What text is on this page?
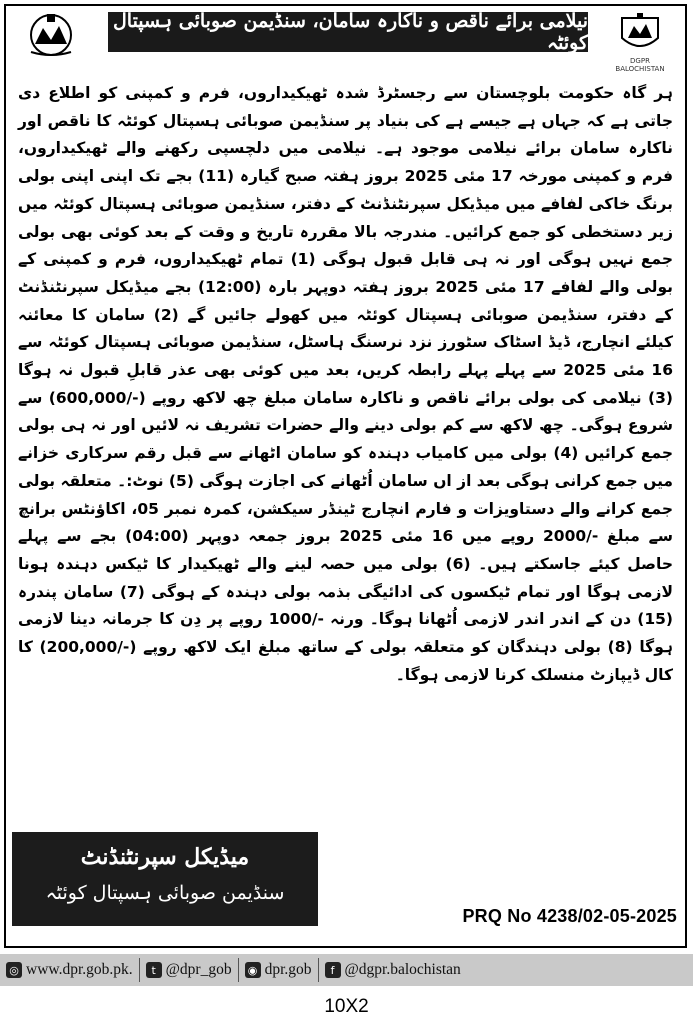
نیلامی برائے ناقص و ناکارہ سامان، سنڈیمن صوبائی ہسپتال کوئٹہ
DGPR BALOCHISTAN

ہر گاہ حکومت بلوچستان سے رجسٹرڈ شدہ ٹھیکیداروں، فرم و کمپنی کو اطلاع دی جاتی ہے کہ جہاں ہے جیسے ہے کی بنیاد پر سنڈیمن صوبائی ہسپتال کوئٹہ کا ناقص اور ناکارہ سامان برائے نیلامی موجود ہے۔ نیلامی میں دلچسپی رکھنے والے ٹھیکیداروں، فرم و کمپنی مورخہ 17 مئی 2025 بروز ہفتہ صبح گیارہ (11) بجے تک اپنی اپنی بولی برنگ خاکی لفافے میں میڈیکل سپرنٹنڈنٹ کے دفتر، سنڈیمن صوبائی ہسپتال کوئٹہ میں زیر دستخطی کو جمع کرائیں۔ مندرجہ بالا مقررہ تاریخ و وقت کے بعد کوئی بھی بولی جمع نہیں ہوگی اور نہ ہی قابل قبول ہوگی (1) تمام ٹھیکیداروں، فرم و کمپنی کے بولی والے لفافے 17 مئی 2025 بروز ہفتہ دوپہر بارہ (12:00) بجے میڈیکل سپرنٹنڈنٹ کے دفتر، سنڈیمن صوبائی ہسپتال کوئٹہ میں کھولے جائیں گے (2) سامان کا معائنہ کیلئے انچارج، ڈیڈ اسٹاک سٹورز نزد نرسنگ ہاسٹل، سنڈیمن صوبائی ہسپتال کوئٹہ سے 16 مئی 2025 سے پہلے پہلے رابطہ کریں، بعد میں کوئی بھی عذر قابلِ قبول نہ ہوگا (3) نیلامی کی بولی برائے ناقص و ناکارہ سامان مبلغ چھ لاکھ روپے (-/600,000) سے شروع ہوگی۔ چھ لاکھ سے کم بولی دینے والے حضرات تشریف نہ لائیں اور نہ ہی بولی جمع کرائیں (4) بولی میں کامیاب دہندہ کو سامان اٹھانے سے قبل رقم سرکاری خزانے میں جمع کرانی ہوگی بعد از اں سامان اُٹھانے کی اجازت ہوگی (5) نوٹ:۔ متعلقہ بولی جمع کرانے والے دستاویزات و فارم انچارج ٹینڈر سیکشن، کمرہ نمبر 05، اکاؤنٹس برانچ سے مبلغ -/2000 روپے میں 16 مئی 2025 بروز جمعہ دوپہر (04:00) بجے سے پہلے حاصل کیئے جاسکتے ہیں۔ (6) بولی میں حصہ لینے والے ٹھیکیدار کا ٹیکس دہندہ ہونا لازمی ہوگا اور تمام ٹیکسوں کی ادائیگی بذمہ بولی دہندہ کے ہوگی (7) سامان پندرہ (15) دن کے اندر اندر لازمی اُٹھانا ہوگا۔ ورنہ -/1000 روپے پر دِن کا جرمانہ دینا لازمی ہوگا (8) بولی دہندگان کو متعلقہ بولی کے ساتھ مبلغ ایک لاکھ روپے (-/200,000) کا کال ڈیپازٹ منسلک کرنا لازمی ہوگا۔

میڈیکل سپرنٹنڈنٹ
سنڈیمن صوبائی ہسپتال کوئٹہ
PRQ No 4238/02-05-2025
◎ www.dpr.gob.pk.	t @dpr_gob ◉ dpr.gob	f @dgpr.balochistan
10X2
